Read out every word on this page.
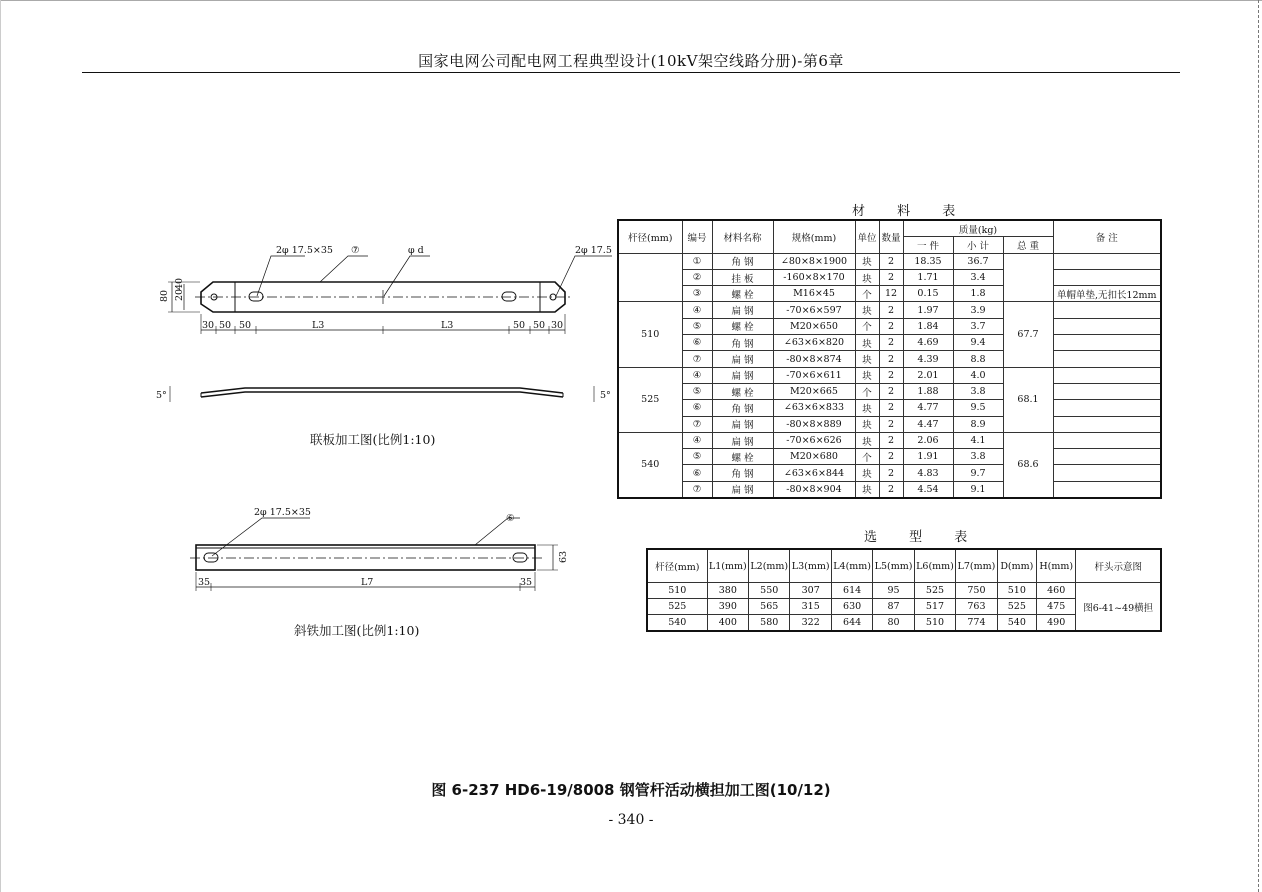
国家电网公司配电网工程典型设计(10kV架空线路分册)-第6章
2φ 17.5×35 ⑦	φ d	2φ 17.5
80 20
40
30 50 50	L3	L3	50 50 30
5°	5°
2φ 17.5×35
⑥
63
35	L7	35
联板加工图(比例1:10)
斜铁加工图(比例1:10)
材 料 表
杆径(mm)	编号	材料名称	规格(mm)	单位	数量	质量(kg)			备 注
						一 件	小 计	总 重	
	①	角 钢	∠80×8×1900	块	2	18.35	36.7		
	②	挂 板	-160×8×170	块	2	1.71	3.4		
	③	螺 栓	M16×45	个	12	0.15	1.8		单帽单垫,无扣长12mm
510	④	扁 钢	-70×6×597	块	2	1.97	3.9	67.7	
	⑤	螺 栓	M20×650	个	2	1.84	3.7		
	⑥	角 钢	∠63×6×820	块	2	4.69	9.4		
	⑦	扁 钢	-80×8×874	块	2	4.39	8.8		
525	④	扁 钢	-70×6×611	块	2	2.01	4.0	68.1	
	⑤	螺 栓	M20×665	个	2	1.88	3.8		
	⑥	角 钢	∠63×6×833	块	2	4.77	9.5		
	⑦	扁 钢	-80×8×889	块	2	4.47	8.9		
540	④	扁 钢	-70×6×626	块	2	2.06	4.1	68.6	
	⑤	螺 栓	M20×680	个	2	1.91	3.8		
	⑥	角 钢	∠63×6×844	块	2	4.83	9.7		
	⑦	扁 钢	-80×8×904	块	2	4.54	9.1		
选 型 表
杆径(mm)	L1(mm)	L2(mm)	L3(mm)	L4(mm)	L5(mm)	L6(mm)	L7(mm)	D(mm)	H(mm)	杆头示意图
510	380	550	307	614	95	525	750	510	460	图6-41~49横担
525	390	565	315	630	87	517	763	525	475	
540	400	580	322	644	80	510	774	540	490	
图 6-237 HD6-19/8008 钢管杆活动横担加工图(10/12)
- 340 -
